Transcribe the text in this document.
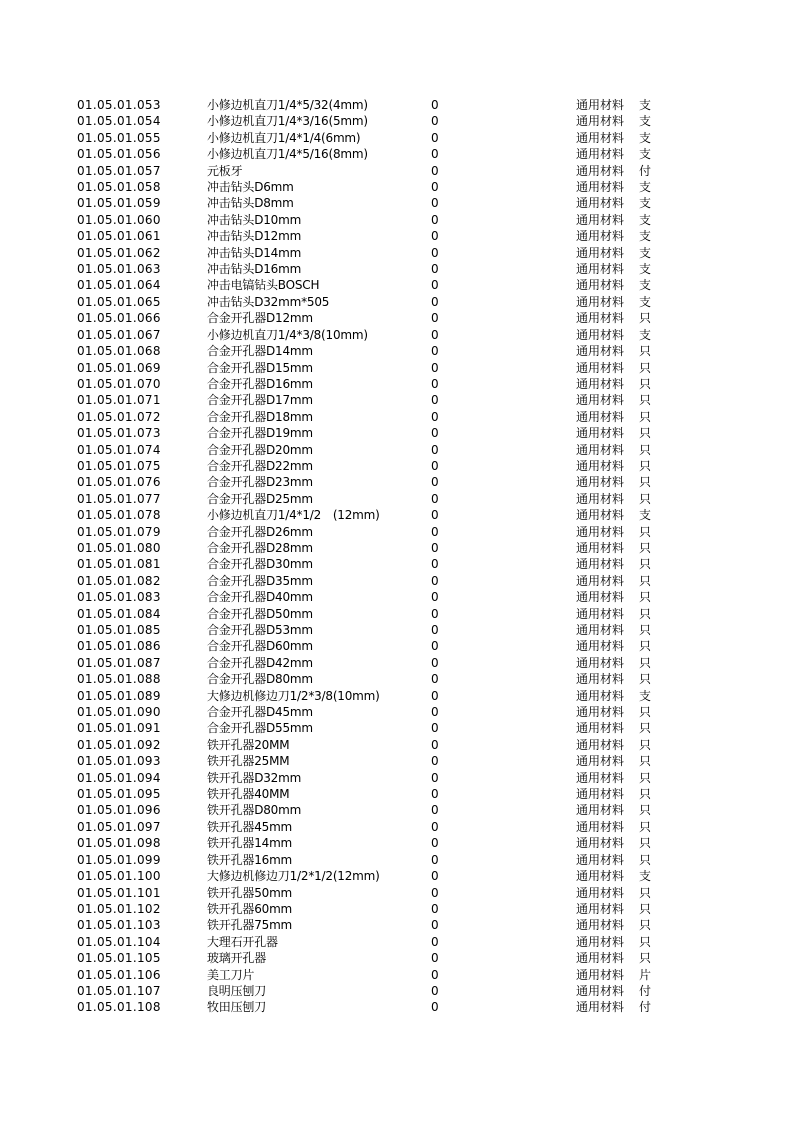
01.05.01.053	小修边机直刀1/4*5/32(4mm)	0	通用材料 支
01.05.01.054	小修边机直刀1/4*3/16(5mm)	0	通用材料 支
01.05.01.055	小修边机直刀1/4*1/4(6mm)	0	通用材料 支
01.05.01.056	小修边机直刀1/4*5/16(8mm)	0	通用材料 支
01.05.01.057	元板牙	0	通用材料 付
01.05.01.058	冲击钻头D6mm	0	通用材料 支
01.05.01.059	冲击钻头D8mm	0	通用材料 支
01.05.01.060	冲击钻头D10mm	0	通用材料 支
01.05.01.061	冲击钻头D12mm	0	通用材料 支
01.05.01.062	冲击钻头D14mm	0	通用材料 支
01.05.01.063	冲击钻头D16mm	0	通用材料 支
01.05.01.064	冲击电镐钻头BOSCH	0	通用材料 支
01.05.01.065	冲击钻头D32mm*505	0	通用材料 支
01.05.01.066	合金开孔器D12mm	0	通用材料 只
01.05.01.067	小修边机直刀1/4*3/8(10mm)	0	通用材料 支
01.05.01.068	合金开孔器D14mm	0	通用材料 只
01.05.01.069	合金开孔器D15mm	0	通用材料 只
01.05.01.070	合金开孔器D16mm	0	通用材料 只
01.05.01.071	合金开孔器D17mm	0	通用材料 只
01.05.01.072	合金开孔器D18mm	0	通用材料 只
01.05.01.073	合金开孔器D19mm	0	通用材料 只
01.05.01.074	合金开孔器D20mm	0	通用材料 只
01.05.01.075	合金开孔器D22mm	0	通用材料 只
01.05.01.076	合金开孔器D23mm	0	通用材料 只
01.05.01.077	合金开孔器D25mm	0	通用材料 只
01.05.01.078	小修边机直刀1/4*1/2　(12mm)	0	通用材料 支
01.05.01.079	合金开孔器D26mm	0	通用材料 只
01.05.01.080	合金开孔器D28mm	0	通用材料 只
01.05.01.081	合金开孔器D30mm	0	通用材料 只
01.05.01.082	合金开孔器D35mm	0	通用材料 只
01.05.01.083	合金开孔器D40mm	0	通用材料 只
01.05.01.084	合金开孔器D50mm	0	通用材料 只
01.05.01.085	合金开孔器D53mm	0	通用材料 只
01.05.01.086	合金开孔器D60mm	0	通用材料 只
01.05.01.087	合金开孔器D42mm	0	通用材料 只
01.05.01.088	合金开孔器D80mm	0	通用材料 只
01.05.01.089	大修边机修边刀1/2*3/8(10mm)	0	通用材料 支
01.05.01.090	合金开孔器D45mm	0	通用材料 只
01.05.01.091	合金开孔器D55mm	0	通用材料 只
01.05.01.092	铁开孔器20MM	0	通用材料 只
01.05.01.093	铁开孔器25MM	0	通用材料 只
01.05.01.094	铁开孔器D32mm	0	通用材料 只
01.05.01.095	铁开孔器40MM	0	通用材料 只
01.05.01.096	铁开孔器D80mm	0	通用材料 只
01.05.01.097	铁开孔器45mm	0	通用材料 只
01.05.01.098	铁开孔器14mm	0	通用材料 只
01.05.01.099	铁开孔器16mm	0	通用材料 只
01.05.01.100	大修边机修边刀1/2*1/2(12mm)	0	通用材料 支
01.05.01.101	铁开孔器50mm	0	通用材料 只
01.05.01.102	铁开孔器60mm	0	通用材料 只
01.05.01.103	铁开孔器75mm	0	通用材料 只
01.05.01.104	大理石开孔器	0	通用材料 只
01.05.01.105	玻璃开孔器	0	通用材料 只
01.05.01.106	美工刀片	0	通用材料 片
01.05.01.107	良明压刨刀	0	通用材料 付
01.05.01.108	牧田压刨刀	0	通用材料 付
